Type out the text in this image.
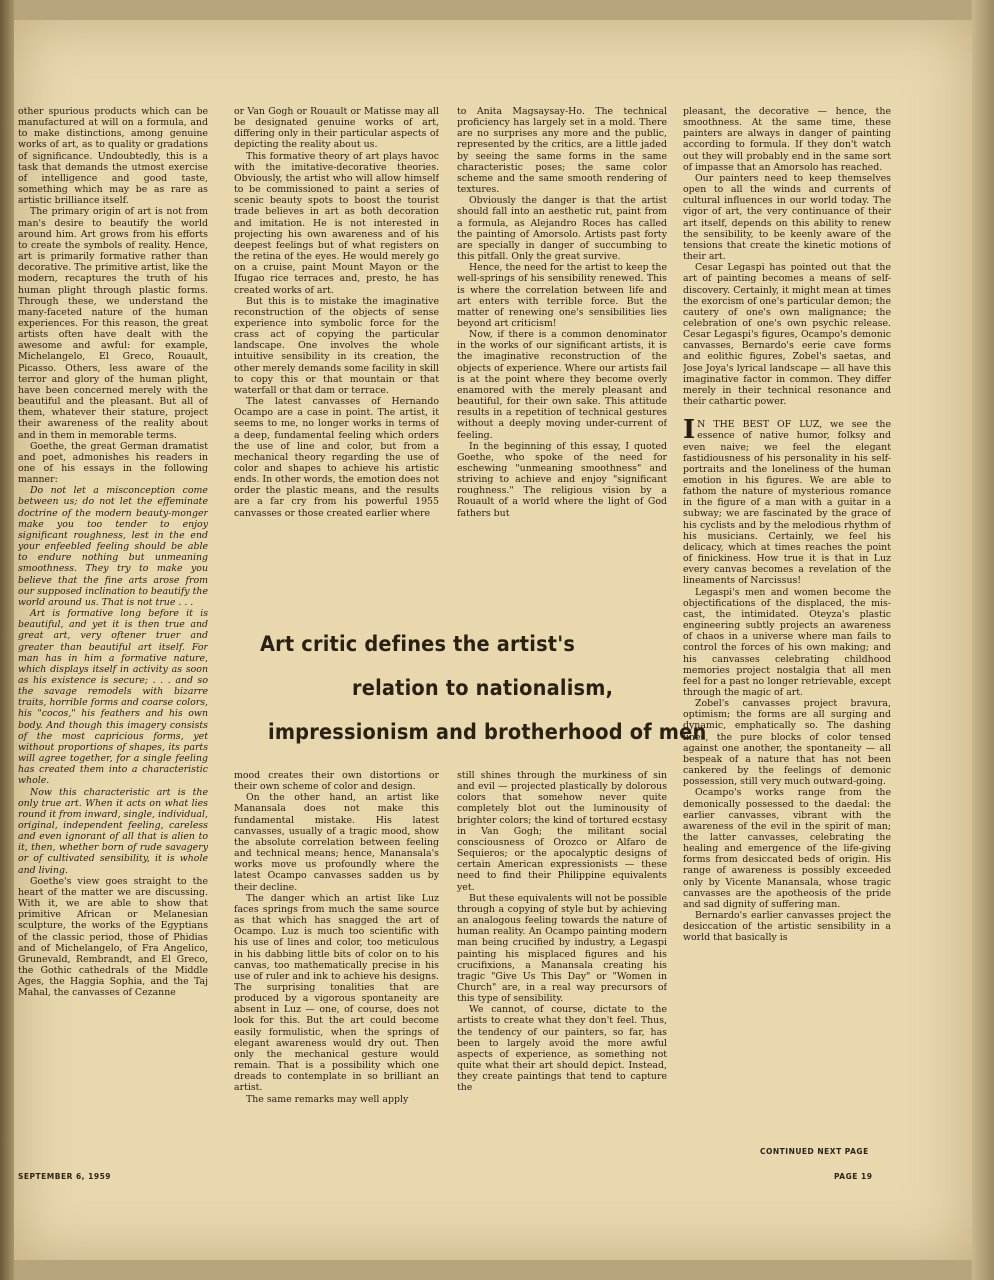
other spurious products which can be manufactured at will on a formula, and to make distinctions, among genuine works of art, as to quality or gradations of significance. Undoubtedly, this is a task that demands the utmost exercise of intelligence and good taste, something which may be as rare as artistic brilliance itself.

The primary origin of art is not from man's desire to beautify the world around him. Art grows from his efforts to create the symbols of reality. Hence, art is primarily formative rather than decorative. The primitive artist, like the modern, recaptures the truth of his human plight through plastic forms. Through these, we understand the many-faceted nature of the human experiences. For this reason, the great artists often have dealt with the awesome and awful: for example, Michelangelo, El Greco, Rouault, Picasso. Others, less aware of the terror and glory of the human plight, have been concerned merely with the beautiful and the pleasant. But all of them, whatever their stature, project their awareness of the reality about and in them in memorable terms.

Goethe, the great German dramatist and poet, admonishes his readers in one of his essays in the following manner:

Do not let a misconception come between us; do not let the effeminate doctrine of the modern beauty-monger make you too tender to enjoy significant roughness, lest in the end your enfeebled feeling should be able to endure nothing but unmeaning smoothness. They try to make you believe that the fine arts arose from our supposed inclination to beautify the world around us. That is not true . . .

Art is formative long before it is beautiful, and yet it is then true and great art, very oftener truer and greater than beautiful art itself. For man has in him a formative nature, which displays itself in activity as soon as his existence is secure; . . . and so the savage remodels with bizarre traits, horrible forms and coarse colors, his "cocos," his feathers and his own body. And though this imagery consists of the most capricious forms, yet without proportions of shapes, its parts will agree together, for a single feeling has created them into a characteristic whole.

Now this characteristic art is the only true art. When it acts on what lies round it from inward, single, individual, original, independent feeling, careless and even ignorant of all that is alien to it, then, whether born of rude savagery or of cultivated sensibility, it is whole and living.

Goethe's view goes straight to the heart of the matter we are discussing. With it, we are able to show that primitive African or Melanesian sculpture, the works of the Egyptians of the classic period, those of Phidias and of Michelangelo, of Fra Angelico, Grunevald, Rembrandt, and El Greco, the Gothic cathedrals of the Middle Ages, the Haggia Sophia, and the Taj Mahal, the canvasses of Cezanne

or Van Gogh or Rouault or Matisse may all be designated genuine works of art, differing only in their particular aspects of depicting the reality about us.

This formative theory of art plays havoc with the imitative-decorative theories. Obviously, the artist who will allow himself to be commissioned to paint a series of scenic beauty spots to boost the tourist trade believes in art as both decoration and imitation. He is not interested in projecting his own awareness and of his deepest feelings but of what registers on the retina of the eyes. He would merely go on a cruise, paint Mount Mayon or the Ifugao rice terraces and, presto, he has created works of art.

But this is to mistake the imaginative reconstruction of the objects of sense experience into symbolic force for the crass act of copying the particular landscape. One involves the whole intuitive sensibility in its creation, the other merely demands some facility in skill to copy this or that mountain or that waterfall or that dam or terrace.

The latest canvasses of Hernando Ocampo are a case in point. The artist, it seems to me, no longer works in terms of a deep, fundamental feeling which orders the use of line and color, but from a mechanical theory regarding the use of color and shapes to achieve his artistic ends. In other words, the emotion does not order the plastic means, and the results are a far cry from his powerful 1955 canvasses or those created earlier where

to Anita Magsaysay-Ho. The technical proficiency has largely set in a mold. There are no surprises any more and the public, represented by the critics, are a little jaded by seeing the same forms in the same characteristic poses; the same color scheme and the same smooth rendering of textures.

Obviously the danger is that the artist should fall into an aesthetic rut, paint from a formula, as Alejandro Roces has called the painting of Amorsolo. Artists past forty are specially in danger of succumbing to this pitfall. Only the great survive.

Hence, the need for the artist to keep the well-springs of his sensibility renewed. This is where the correlation between life and art enters with terrible force. But the matter of renewing one's sensibilities lies beyond art criticism!

Now, if there is a common denominator in the works of our significant artists, it is the imaginative reconstruction of the objects of experience. Where our artists fail is at the point where they become overly enamored with the merely pleasant and beautiful, for their own sake. This attitude results in a repetition of technical gestures without a deeply moving under-current of feeling.

In the beginning of this essay, I quoted Goethe, who spoke of the need for eschewing "unmeaning smoothness" and striving to achieve and enjoy "significant roughness." The religious vision by a Rouault of a world where the light of God fathers but

pleasant, the decorative — hence, the smoothness. At the same time, these painters are always in danger of painting according to formula. If they don't watch out they will probably end in the same sort of impasse that an Amorsolo has reached.

Our painters need to keep themselves open to all the winds and currents of cultural influences in our world today. The vigor of art, the very continuance of their art itself, depends on this ability to renew the sensibility, to be keenly aware of the tensions that create the kinetic motions of their art.

Cesar Legaspi has pointed out that the art of painting becomes a means of self-discovery. Certainly, it might mean at times the exorcism of one's particular demon; the cautery of one's own malignance; the celebration of one's own psychic release. Cesar Legaspi's figures, Ocampo's demonic canvasses, Bernardo's eerie cave forms and eolithic figures, Zobel's saetas, and Jose Joya's lyrical landscape — all have this imaginative factor in common. They differ merely in their technical resonance and their cathartic power.

I N THE BEST OF LUZ, we see the essence of native humor, folksy and even naive; we feel the elegant fastidiousness of his personality in his self-portraits and the loneliness of the human emotion in his figures. We are able to fathom the nature of mysterious romance in the figure of a man with a guitar in a subway; we are fascinated by the grace of his cyclists and by the melodious rhythm of his musicians. Certainly, we feel his delicacy, which at times reaches the point of finickiness. How true it is that in Luz every canvas becomes a revelation of the lineaments of Narcissus!

Legaspi's men and women become the objectifications of the displaced, the mis-cast, the intimidated. Oteyza's plastic engineering subtly projects an awareness of chaos in a universe where man fails to control the forces of his own making; and his canvasses celebrating childhood memories project nostalgia that all men feel for a past no longer retrievable, except through the magic of art.

Zobel's canvasses project bravura, optimism; the forms are all surging and dynamic, emphatically so. The dashing lines, the pure blocks of color tensed against one another, the spontaneity — all bespeak of a nature that has not been cankered by the feelings of demonic possession, still very much outward-going.

Ocampo's works range from the demonically possessed to the daedal: the earlier canvasses, vibrant with the awareness of the evil in the spirit of man; the latter canvasses, celebrating the healing and emergence of the life-giving forms from desiccated beds of origin. His range of awareness is possibly exceeded only by Vicente Manansala, whose tragic canvasses are the apotheosis of the pride and sad dignity of suffering man.

Bernardo's earlier canvasses project the desiccation of the artistic sensibility in a world that basically is

Art critic defines the artist's
relation to nationalism,
impressionism and brotherhood of men

mood creates their own distortions or their own scheme of color and design.

On the other hand, an artist like Manansala does not make this fundamental mistake. His latest canvasses, usually of a tragic mood, show the absolute correlation between feeling and technical means; hence, Manansala's works move us profoundly where the latest Ocampo canvasses sadden us by their decline.

The danger which an artist like Luz faces springs from much the same source as that which has snagged the art of Ocampo. Luz is much too scientific with his use of lines and color, too meticulous in his dabbing little bits of color on to his canvas, too mathematically precise in his use of ruler and ink to achieve his designs. The surprising tonalities that are produced by a vigorous spontaneity are absent in Luz — one, of course, does not look for this. But the art could become easily formulistic, when the springs of elegant awareness would dry out. Then only the mechanical gesture would remain. That is a possibility which one dreads to contemplate in so brilliant an artist.

The same remarks may well apply

still shines through the murkiness of sin and evil — projected plastically by dolorous colors that somehow never quite completely blot out the luminousity of brighter colors; the kind of tortured ecstasy in Van Gogh; the militant social consciousness of Orozco or Alfaro de Sequieros; or the apocalyptic designs of certain American expressionists — these need to find their Philippine equivalents yet.

But these equivalents will not be possible through a copying of style but by achieving an analogous feeling towards the nature of human reality. An Ocampo painting modern man being crucified by industry, a Legaspi painting his misplaced figures and his crucifixions, a Manansala creating his tragic "Give Us This Day" or "Women in Church" are, in a real way precursors of this type of sensibility.

We cannot, of course, dictate to the artists to create what they don't feel. Thus, the tendency of our painters, so far, has been to largely avoid the more awful aspects of experience, as something not quite what their art should depict. Instead, they create paintings that tend to capture the

SEPTEMBER 6, 1959
CONTINUED NEXT PAGE
PAGE 19
